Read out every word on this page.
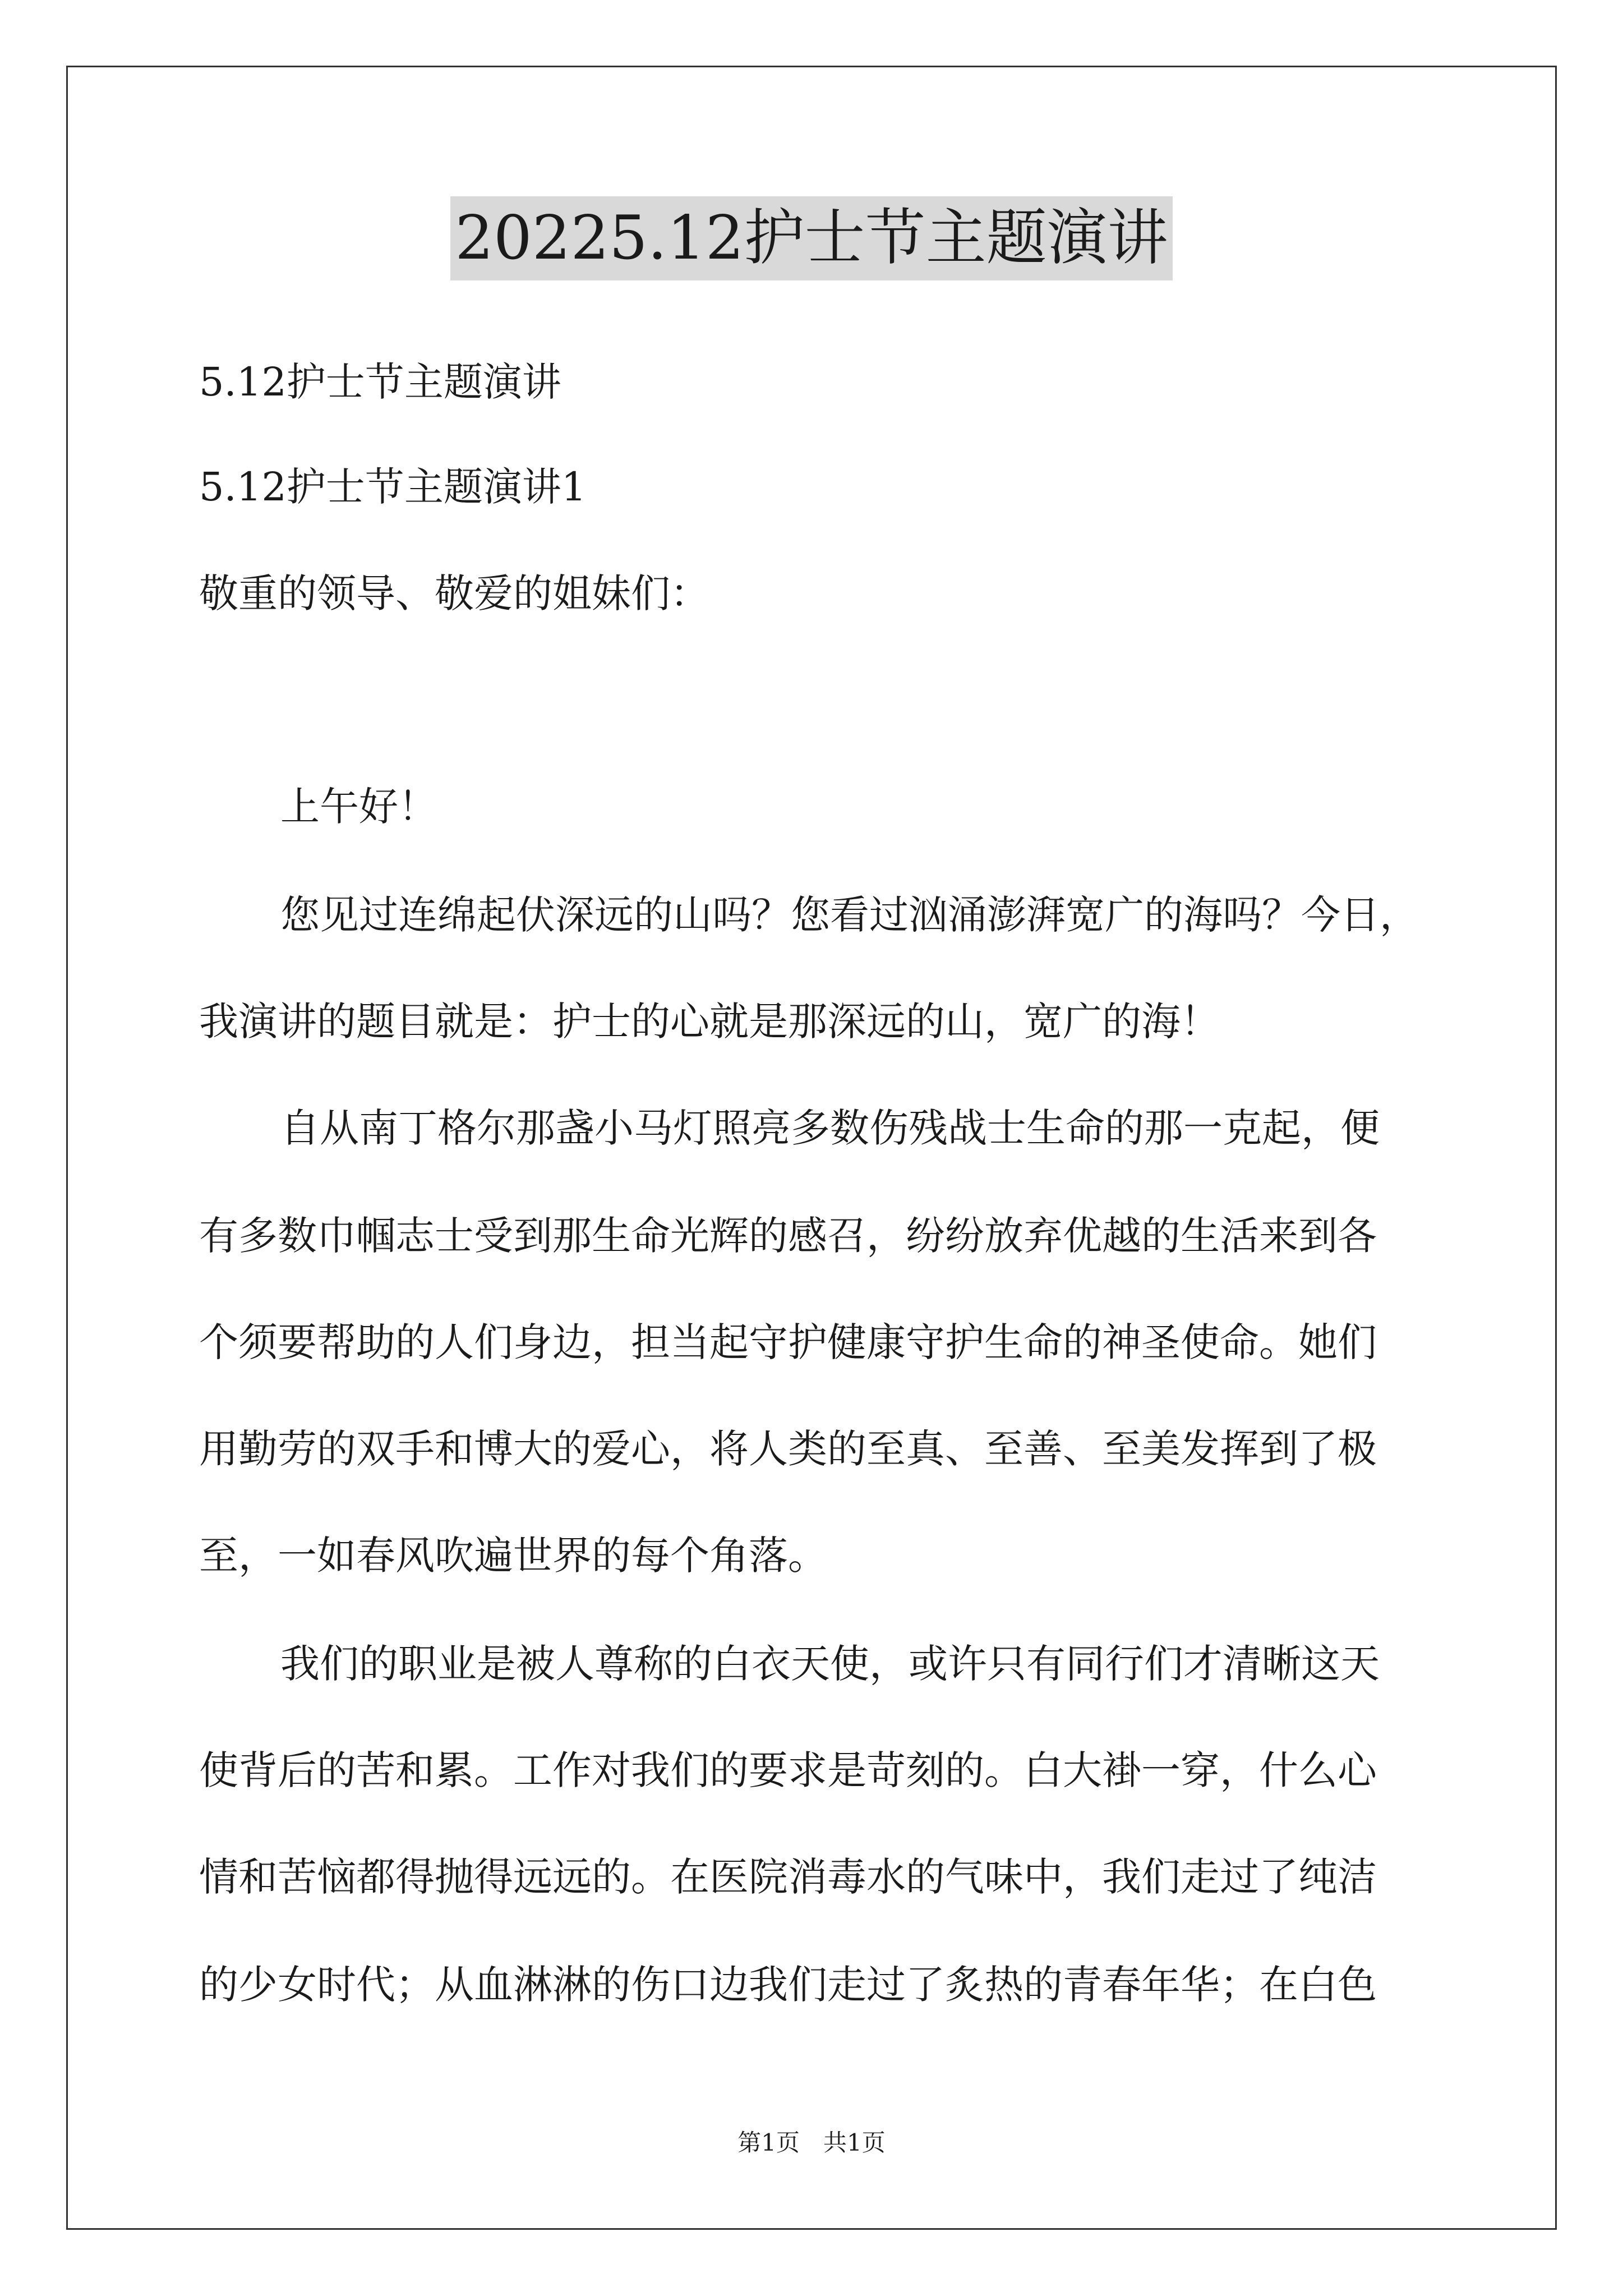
20225.12护士节主题演讲

5.12护士节主题演讲

5.12护士节主题演讲1

敬重的领导、敬爱的姐妹们：

上午好！

您见过连绵起伏深远的山吗？您看过汹涌澎湃宽广的海吗？今日，

我演讲的题目就是：护士的心就是那深远的山，宽广的海！

自从南丁格尔那盏小马灯照亮多数伤残战士生命的那一克起，便

有多数巾帼志士受到那生命光辉的感召，纷纷放弃优越的生活来到各

个须要帮助的人们身边，担当起守护健康守护生命的神圣使命。她们

用勤劳的双手和博大的爱心，将人类的至真、至善、至美发挥到了极

至，一如春风吹遍世界的每个角落。

我们的职业是被人尊称的白衣天使，或许只有同行们才清晰这天

使背后的苦和累。工作对我们的要求是苛刻的。白大褂一穿，什么心

情和苦恼都得抛得远远的。在医院消毒水的气味中，我们走过了纯洁

的少女时代；从血淋淋的伤口边我们走过了炙热的青春年华；在白色

第1页　共1页
